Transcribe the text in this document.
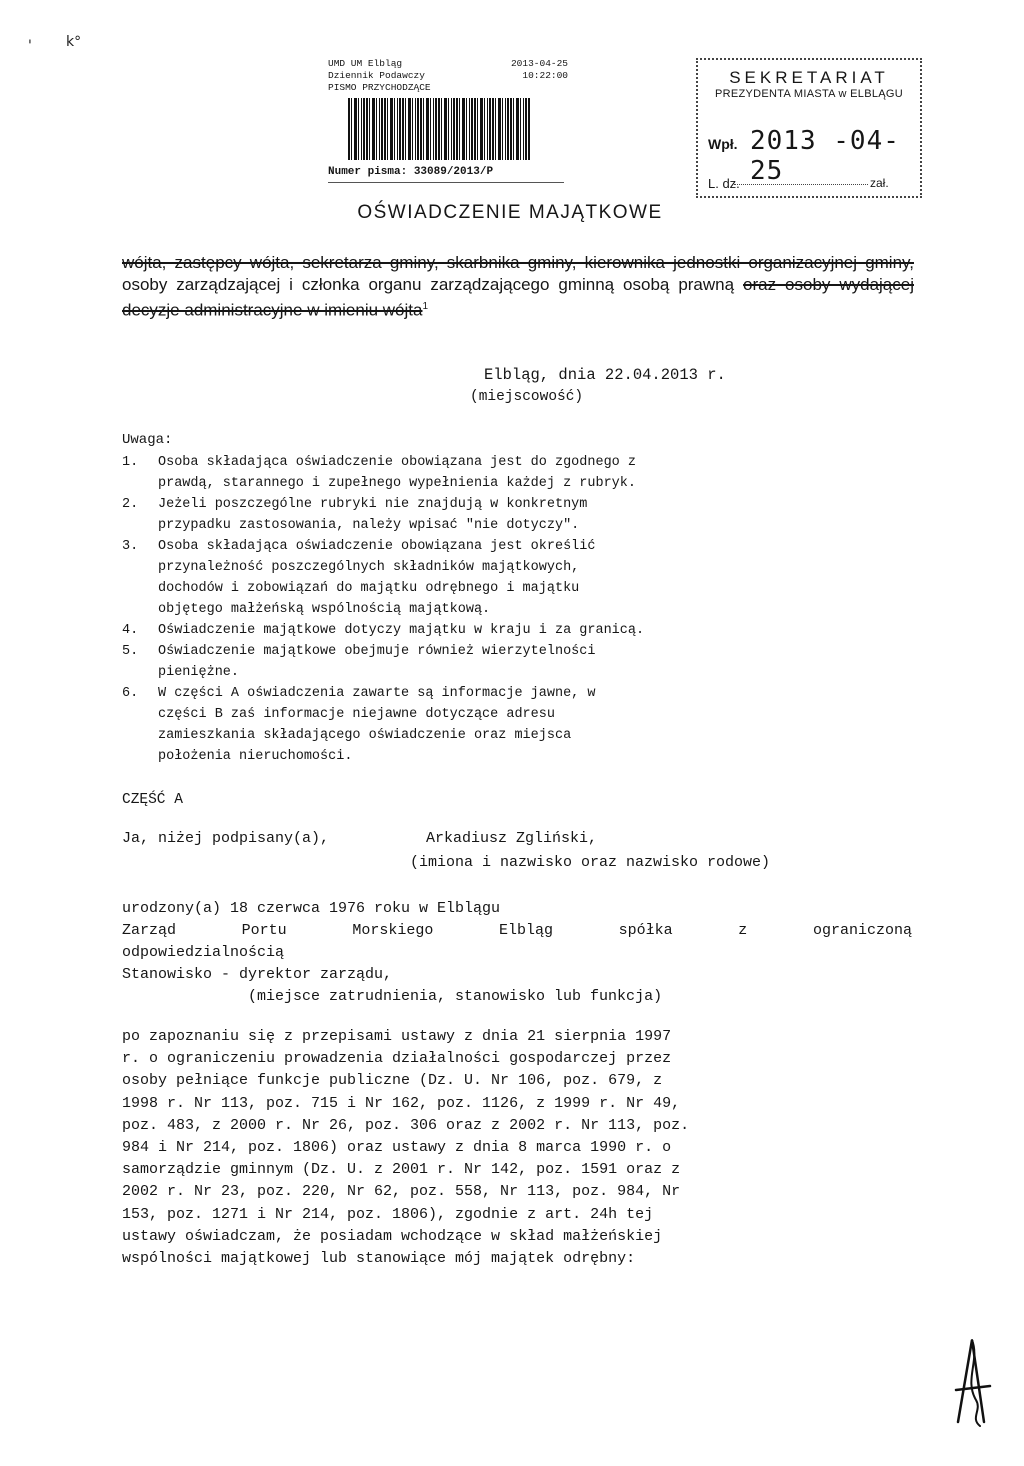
' k°
UMD UM Elbląg	2013-04-25
Dziennik Podawczy	10:22:00
PISMO PRZYCHODZĄCE
Numer pisma: 33089/2013/P
SEKRETARIAT
PREZYDENTA MIASTA w ELBLĄGU
Wpł. 2013 -04- 25
L. dz.	zał.
OŚWIADCZENIE MAJĄTKOWE
wójta, zastępcy wójta, sekretarza gminy, skarbnika gminy, kierownika jednostki organizacyjnej gminy, osoby zarządzającej i członka organu zarządzającego gminną osobą prawną oraz osoby wydającej decyzje administracyjne w imieniu wójta$^1$
Elbląg, dnia 22.04.2013 r.
(miejscowość)
Uwaga:
1.	Osoba składająca oświadczenie obowiązana jest do zgodnego z
prawdą, starannego i zupełnego wypełnienia każdej z rubryk.
2.	Jeżeli poszczególne rubryki nie znajdują w konkretnym
przypadku zastosowania, należy wpisać "nie dotyczy".
3.	Osoba składająca oświadczenie obowiązana jest określić
przynależność poszczególnych składników majątkowych,
dochodów i zobowiązań do majątku odrębnego i majątku
objętego małżeńską wspólnością majątkową.
4.	Oświadczenie majątkowe dotyczy majątku w kraju i za granicą.
5.	Oświadczenie majątkowe obejmuje również wierzytelności
pieniężne.
6.	W części A oświadczenia zawarte są informacje jawne, w
części B zaś informacje niejawne dotyczące adresu
zamieszkania składającego oświadczenie oraz miejsca
położenia nieruchomości.
CZĘŚĆ A
Ja, niżej podpisany(a),	Arkadiusz Zgliński,
(imiona i nazwisko oraz nazwisko rodowe)
urodzony(a) 18 czerwca 1976 roku w Elblągu
Zarząd	Portu	Morskiego	Elbląg	spółka	z	ograniczoną
odpowiedzialnością
Stanowisko - dyrektor zarządu,
(miejsce zatrudnienia, stanowisko lub funkcja)
po zapoznaniu się z przepisami ustawy z dnia 21 sierpnia 1997
r. o ograniczeniu prowadzenia działalności gospodarczej przez
osoby pełniące funkcje publiczne (Dz. U. Nr 106, poz. 679, z
1998 r. Nr 113, poz. 715 i Nr 162, poz. 1126, z 1999 r. Nr 49,
poz. 483, z 2000 r. Nr 26, poz. 306 oraz z 2002 r. Nr 113, poz.
984 i Nr 214, poz. 1806) oraz ustawy z dnia 8 marca 1990 r. o
samorządzie gminnym (Dz. U. z 2001 r. Nr 142, poz. 1591 oraz z
2002 r. Nr 23, poz. 220, Nr 62, poz. 558, Nr 113, poz. 984, Nr
153, poz. 1271 i Nr 214, poz. 1806), zgodnie z art. 24h tej
ustawy oświadczam, że posiadam wchodzące w skład małżeńskiej
wspólności majątkowej lub stanowiące mój majątek odrębny:
